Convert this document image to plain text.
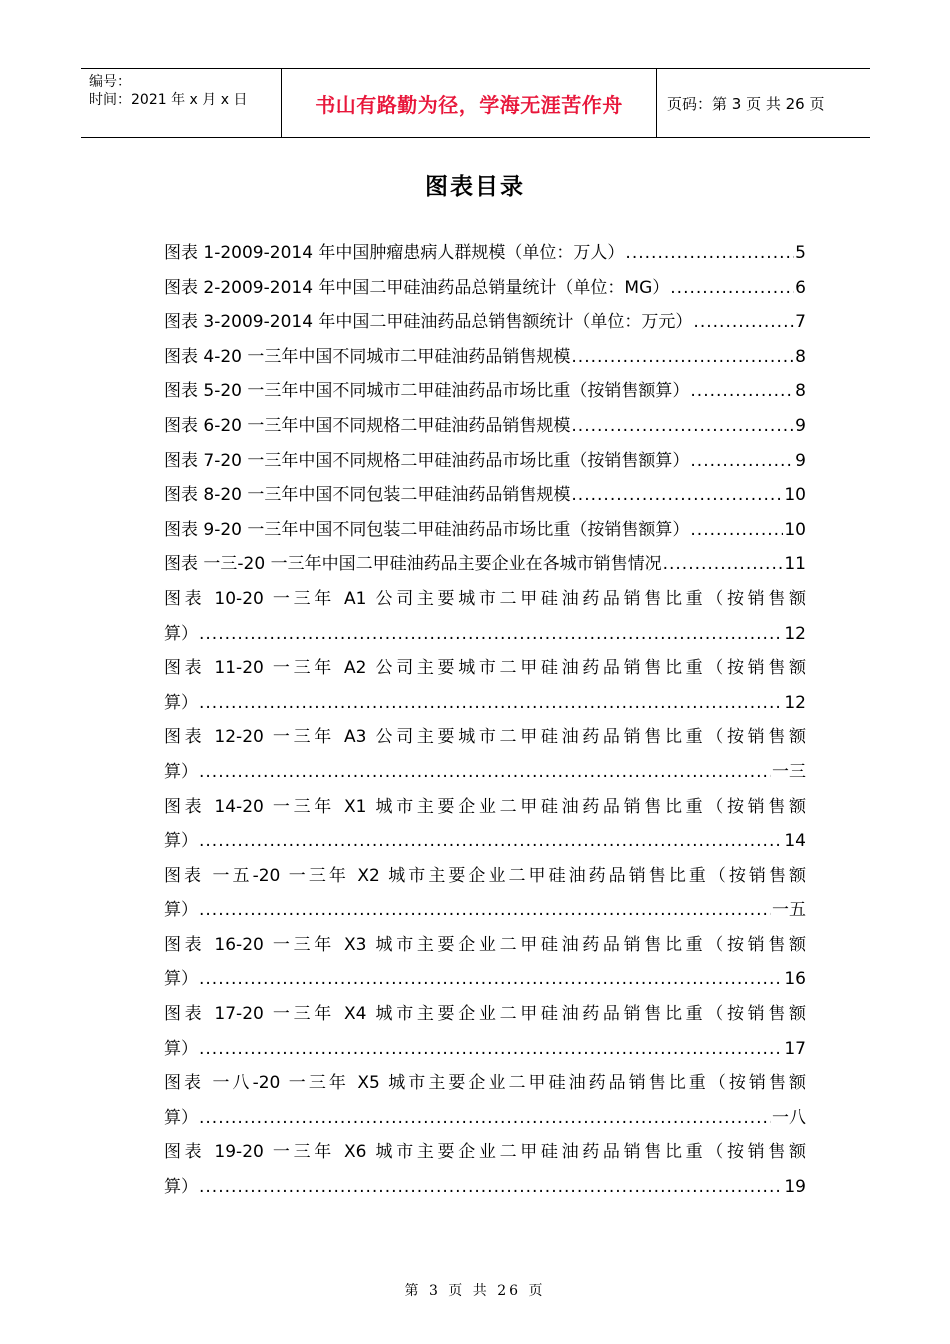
编号：
时间：2021 年 x 月 x 日	书山有路勤为径，学海无涯苦作舟	页码：第 3 页 共 26 页
图表目录
图表 1-2009-2014 年中国肿瘤患病人群规模（单位：万人） .....	5
图表 2-2009-2014 年中国二甲硅油药品总销量统计（单位：MG） .....	6
图表 3-2009-2014 年中国二甲硅油药品总销售额统计（单位：万元） .....	7
图表 4-20 一三年中国不同城市二甲硅油药品销售规模 .....	8
图表 5-20 一三年中国不同城市二甲硅油药品市场比重（按销售额算） .....	8
图表 6-20 一三年中国不同规格二甲硅油药品销售规模 .....	9
图表 7-20 一三年中国不同规格二甲硅油药品市场比重（按销售额算） .....	9
图表 8-20 一三年中国不同包装二甲硅油药品销售规模 .....	10
图表 9-20 一三年中国不同包装二甲硅油药品市场比重（按销售额算） .....	10
图表 一三-20 一三年中国二甲硅油药品主要企业在各城市销售情况 .....	11
图表 10-20 一三年 A1 公司主要城市二甲硅油药品销售比重（按销售额
算） .....	12
图表 11-20 一三年 A2 公司主要城市二甲硅油药品销售比重（按销售额
算） .....	12
图表 12-20 一三年 A3 公司主要城市二甲硅油药品销售比重（按销售额
算） .....	一三
图表 14-20 一三年 X1 城市主要企业二甲硅油药品销售比重（按销售额
算） .....	14
图表 一五-20 一三年 X2 城市主要企业二甲硅油药品销售比重（按销售额
算） .....	一五
图表 16-20 一三年 X3 城市主要企业二甲硅油药品销售比重（按销售额
算） .....	16
图表 17-20 一三年 X4 城市主要企业二甲硅油药品销售比重（按销售额
算） .....	17
图表 一八-20 一三年 X5 城市主要企业二甲硅油药品销售比重（按销售额
算） .....	一八
图表 19-20 一三年 X6 城市主要企业二甲硅油药品销售比重（按销售额
算） .....	19
第 3 页 共 26 页
